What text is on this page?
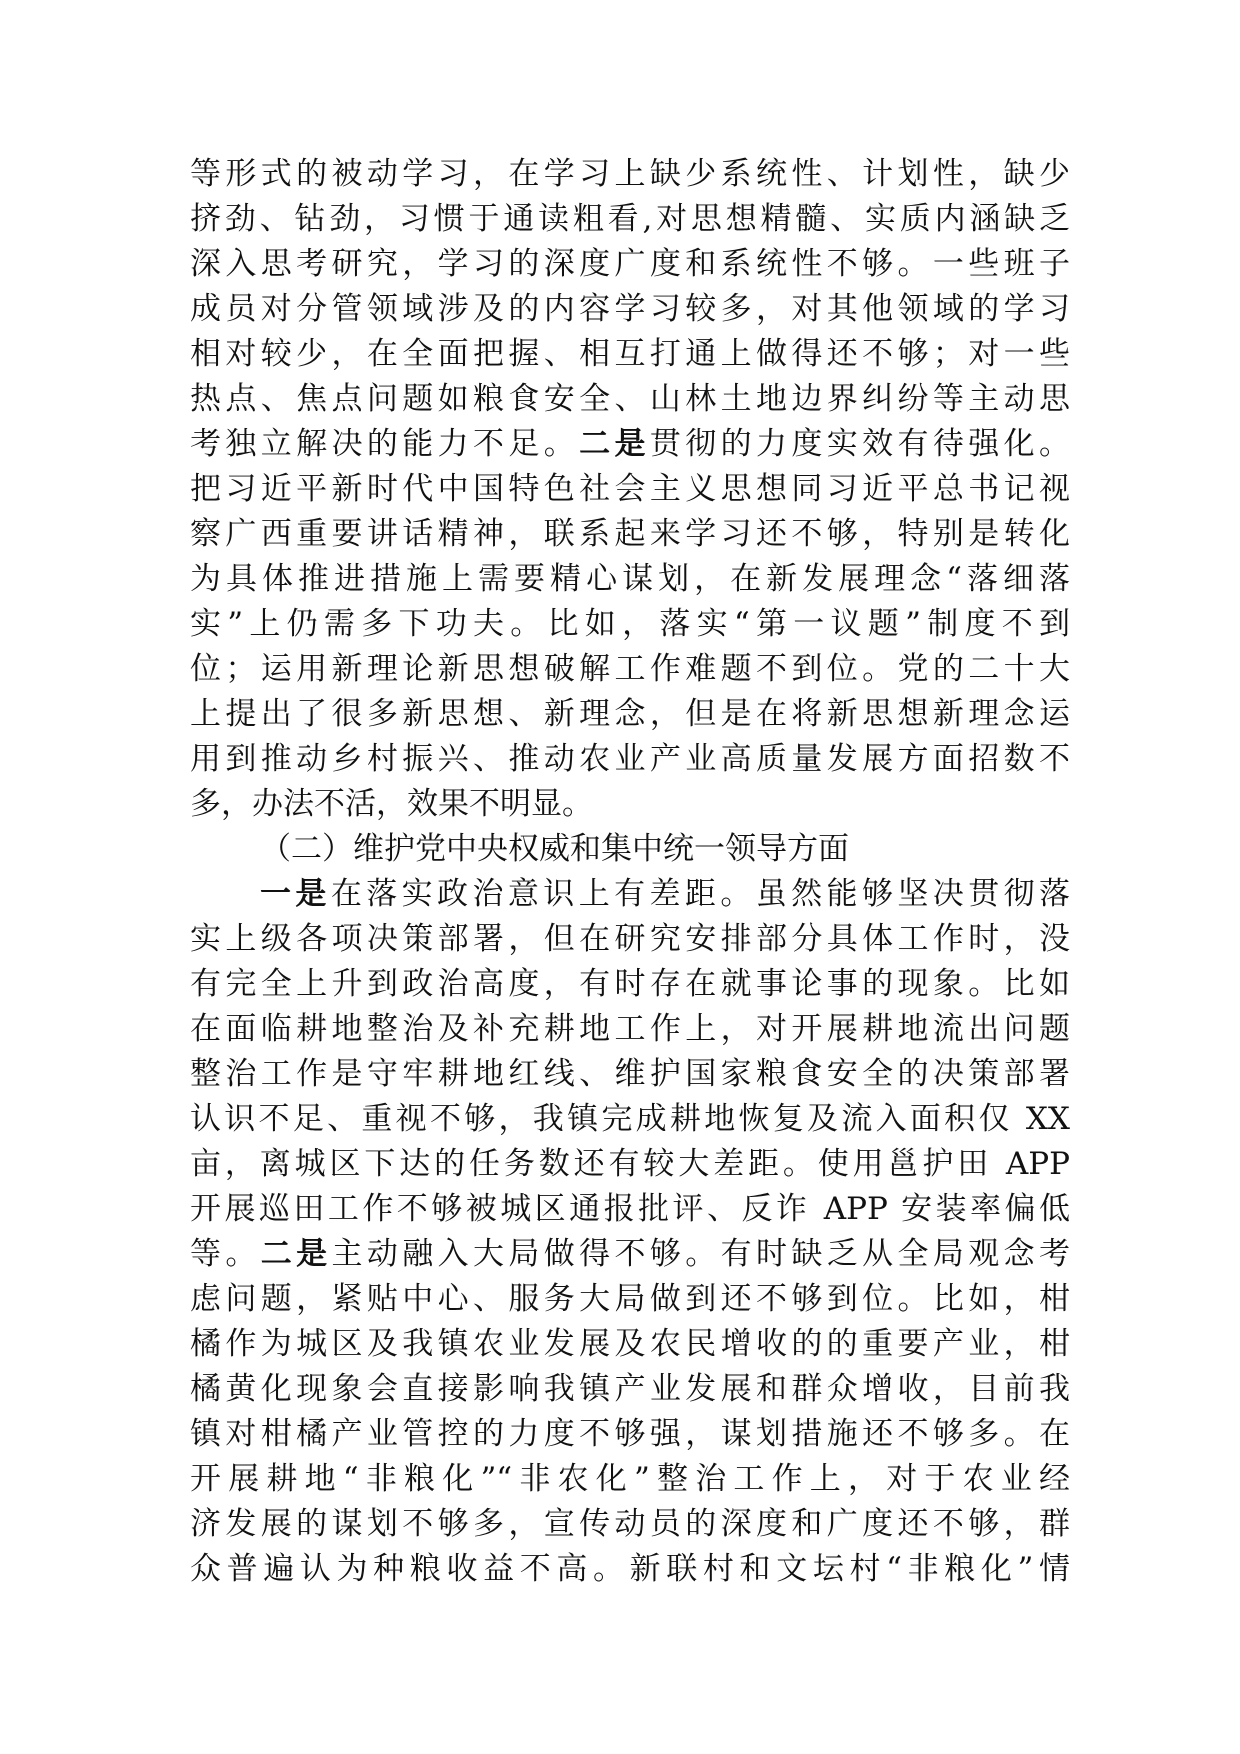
等形式的被动学习，在学习上缺少系统性、计划性，缺少
挤劲、钻劲，习惯于通读粗看,对思想精髓、实质内涵缺乏
深入思考研究，学习的深度广度和系统性不够。一些班子
成员对分管领域涉及的内容学习较多，对其他领域的学习
相对较少，在全面把握、相互打通上做得还不够；对一些
热点、焦点问题如粮食安全、山林土地边界纠纷等主动思
考独立解决的能力不足。二是贯彻的力度实效有待强化。
把习近平新时代中国特色社会主义思想同习近平总书记视
察广西重要讲话精神，联系起来学习还不够，特别是转化
为具体推进措施上需要精心谋划，在新发展理念“落细落
实”上仍需多下功夫。比如，落实“第一议题”制度不到
位；运用新理论新思想破解工作难题不到位。党的二十大
上提出了很多新思想、新理念，但是在将新思想新理念运
用到推动乡村振兴、推动农业产业高质量发展方面招数不
多，办法不活，效果不明显。
（二）维护党中央权威和集中统一领导方面
一是在落实政治意识上有差距。虽然能够坚决贯彻落
实上级各项决策部署，但在研究安排部分具体工作时，没
有完全上升到政治高度，有时存在就事论事的现象。比如
在面临耕地整治及补充耕地工作上，对开展耕地流出问题
整治工作是守牢耕地红线、维护国家粮食安全的决策部署
认识不足、重视不够，我镇完成耕地恢复及流入面积仅 XX
亩，离城区下达的任务数还有较大差距。使用邕护田 APP
开展巡田工作不够被城区通报批评、反诈 APP 安装率偏低
等。二是主动融入大局做得不够。有时缺乏从全局观念考
虑问题，紧贴中心、服务大局做到还不够到位。比如，柑
橘作为城区及我镇农业发展及农民增收的的重要产业，柑
橘黄化现象会直接影响我镇产业发展和群众增收，目前我
镇对柑橘产业管控的力度不够强，谋划措施还不够多。在
开展耕地“非粮化”“非农化”整治工作上，对于农业经
济发展的谋划不够多，宣传动员的深度和广度还不够，群
众普遍认为种粮收益不高。新联村和文坛村“非粮化”情
